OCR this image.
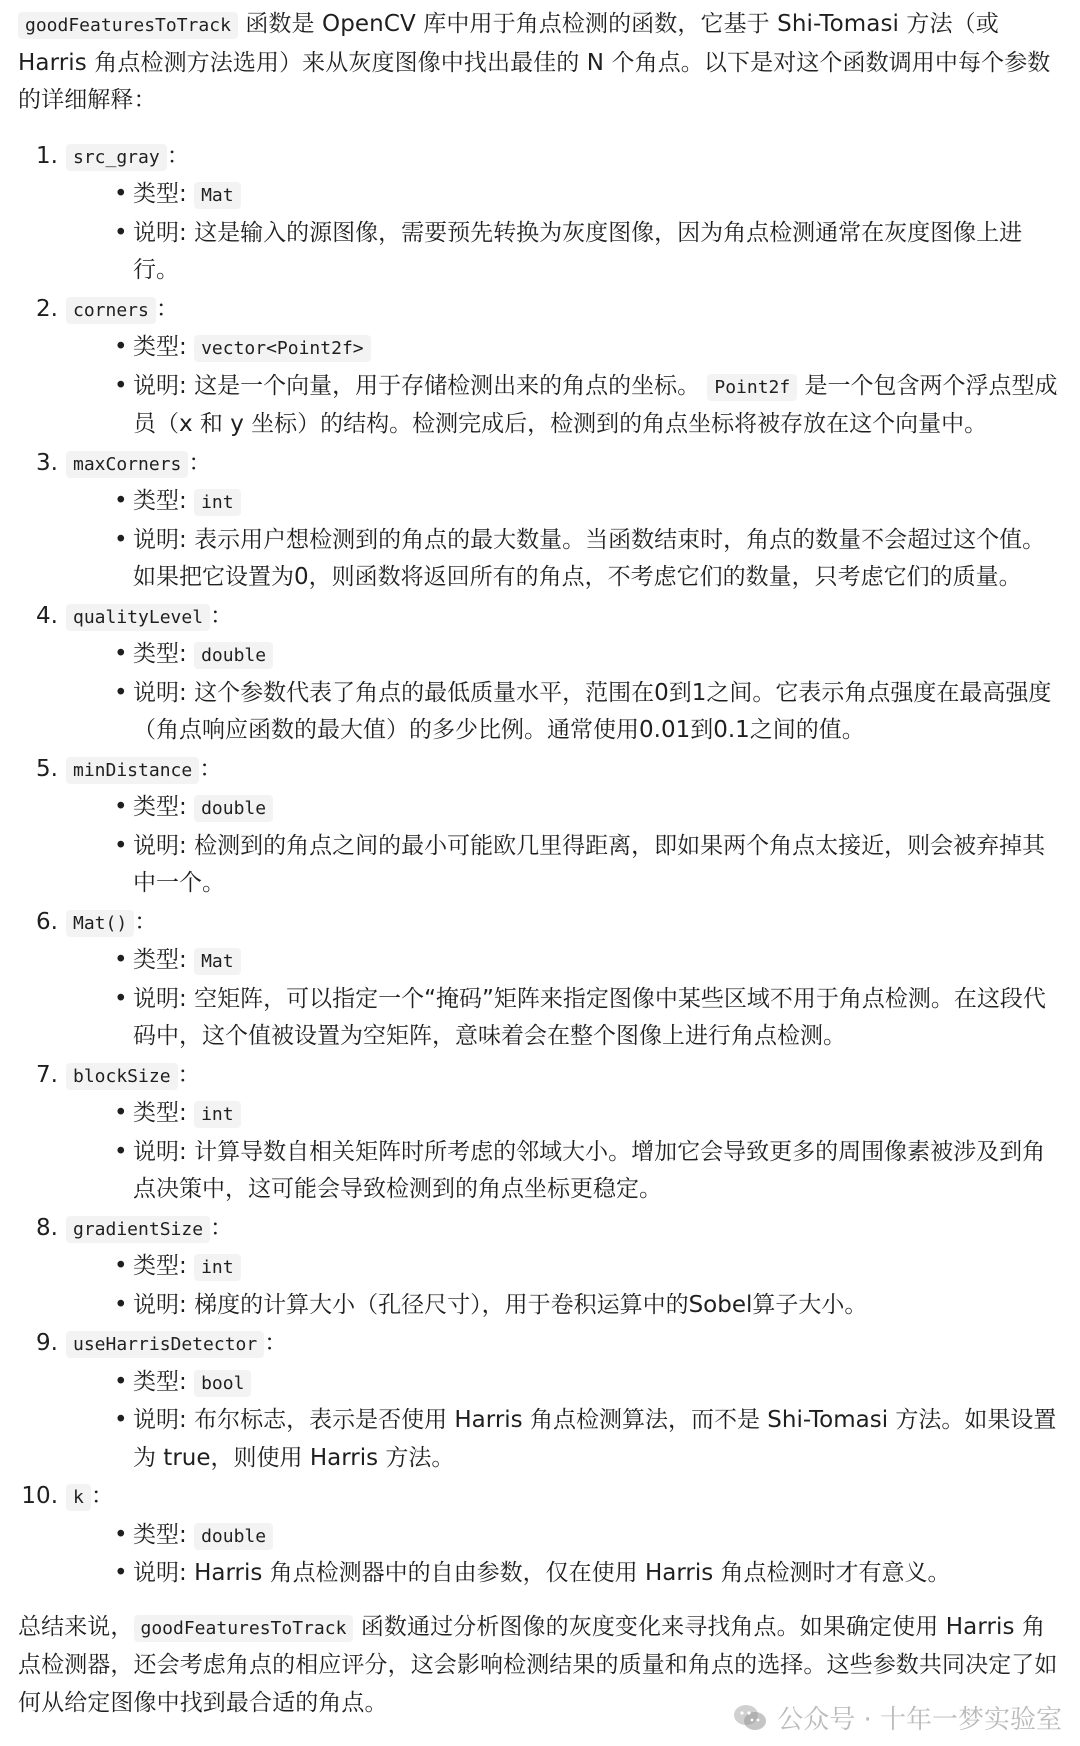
goodFeaturesToTrack 函数是 OpenCV 库中用于角点检测的函数，它基于 Shi-Tomasi 方法（或 Harris 角点检测方法选用）来从灰度图像中找出最佳的 N 个角点。以下是对这个函数调用中每个参数的详细解释：

1. src_gray ：
• 类型: Mat
• 说明: 这是输入的源图像，需要预先转换为灰度图像，因为角点检测通常在灰度图像上进行。
2. corners ：
• 类型: vector<Point2f>
• 说明: 这是一个向量，用于存储检测出来的角点的坐标。 Point2f 是一个包含两个浮点型成员（x 和 y 坐标）的结构。检测完成后，检测到的角点坐标将被存放在这个向量中。
3. maxCorners ：
• 类型: int
• 说明: 表示用户想检测到的角点的最大数量。当函数结束时，角点的数量不会超过这个值。如果把它设置为0，则函数将返回所有的角点，不考虑它们的数量，只考虑它们的质量。
4. qualityLevel ：
• 类型: double
• 说明: 这个参数代表了角点的最低质量水平，范围在0到1之间。它表示角点强度在最高强度（角点响应函数的最大值）的多少比例。通常使用0.01到0.1之间的值。
5. minDistance ：
• 类型: double
• 说明: 检测到的角点之间的最小可能欧几里得距离，即如果两个角点太接近，则会被弃掉其中一个。
6. Mat() ：
• 类型: Mat
• 说明: 空矩阵，可以指定一个“掩码”矩阵来指定图像中某些区域不用于角点检测。在这段代码中，这个值被设置为空矩阵，意味着会在整个图像上进行角点检测。
7. blockSize ：
• 类型: int
• 说明: 计算导数自相关矩阵时所考虑的邻域大小。增加它会导致更多的周围像素被涉及到角点决策中，这可能会导致检测到的角点坐标更稳定。
8. gradientSize ：
• 类型: int
• 说明: 梯度的计算大小（孔径尺寸），用于卷积运算中的Sobel算子大小。
9. useHarrisDetector ：
• 类型: bool
• 说明: 布尔标志，表示是否使用 Harris 角点检测算法，而不是 Shi-Tomasi 方法。如果设置为 true，则使用 Harris 方法。
10. k ：
• 类型: double
• 说明: Harris 角点检测器中的自由参数，仅在使用 Harris 角点检测时才有意义。

总结来说， goodFeaturesToTrack 函数通过分析图像的灰度变化来寻找角点。如果确定使用 Harris 角点检测器，还会考虑角点的相应评分，这会影响检测结果的质量和角点的选择。这些参数共同决定了如何从给定图像中找到最合适的角点。

公众号 · 十年一梦实验室
